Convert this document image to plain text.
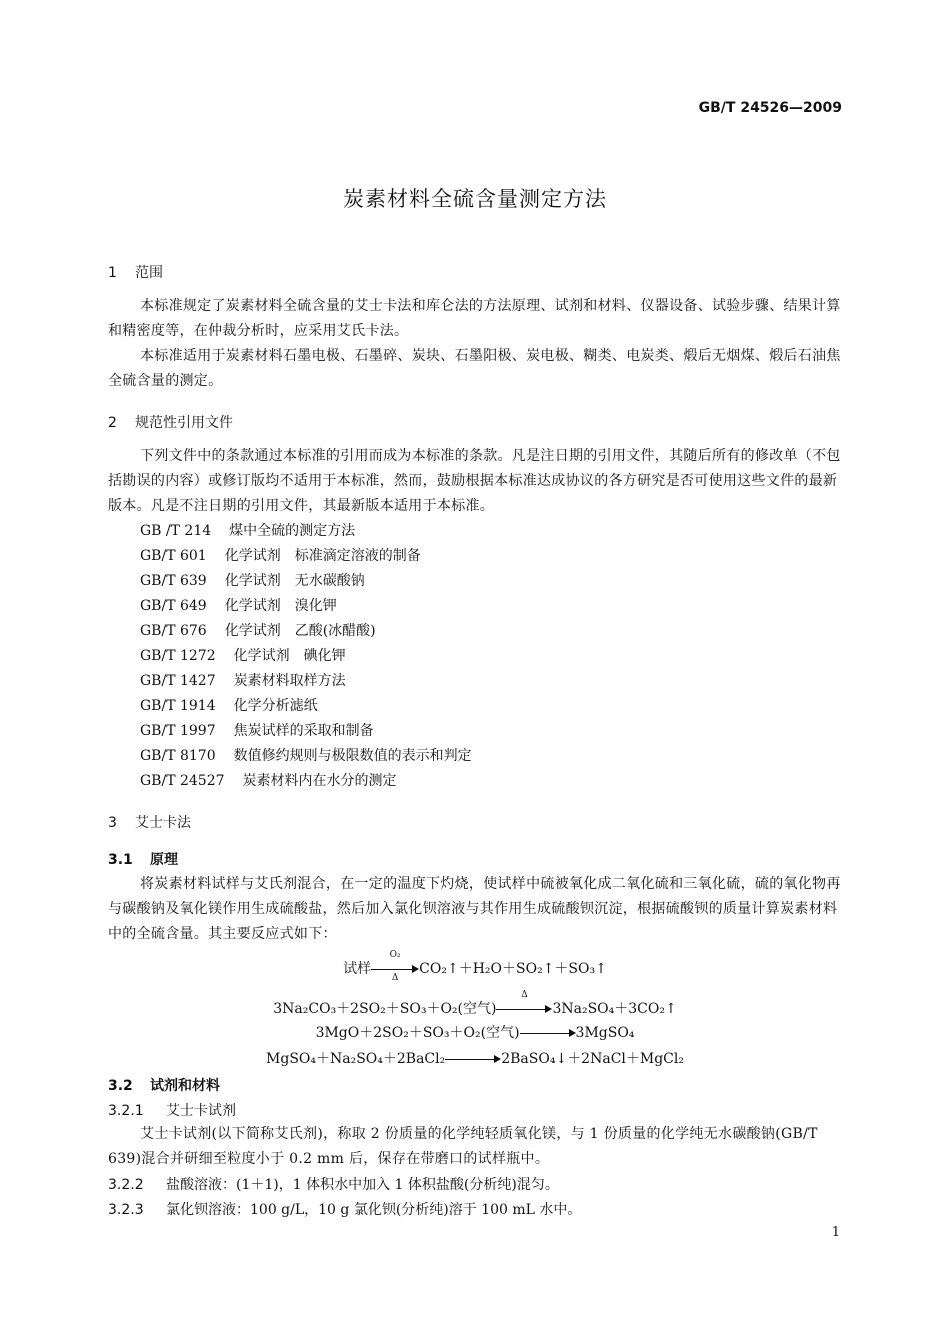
GB/T 24526—2009
炭素材料全硫含量测定方法
1 范围
本标准规定了炭素材料全硫含量的艾士卡法和库仑法的方法原理、试剂和材料、仪器设备、试验步骤、结果计算和精密度等，在仲裁分析时，应采用艾氏卡法。
本标准适用于炭素材料石墨电极、石墨碎、炭块、石墨阳极、炭电极、糊类、电炭类、煅后无烟煤、煅后石油焦全硫含量的测定。
2 规范性引用文件
下列文件中的条款通过本标准的引用而成为本标准的条款。凡是注日期的引用文件，其随后所有的修改单（不包括勘误的内容）或修订版均不适用于本标准，然而，鼓励根据本标准达成协议的各方研究是否可使用这些文件的最新版本。凡是不注日期的引用文件，其最新版本适用于本标准。
GB /T 214 煤中全硫的测定方法
GB/T 601 化学试剂　标准滴定溶液的制备
GB/T 639 化学试剂　无水碳酸钠
GB/T 649 化学试剂　溴化钾
GB/T 676 化学试剂　乙酸(冰醋酸)
GB/T 1272 化学试剂　碘化钾
GB/T 1427 炭素材料取样方法
GB/T 1914 化学分析滤纸
GB/T 1997 焦炭试样的采取和制备
GB/T 8170 数值修约规则与极限数值的表示和判定
GB/T 24527 炭素材料内在水分的测定
3 艾士卡法
3.1 原理
将炭素材料试样与艾氏剂混合，在一定的温度下灼烧，使试样中硫被氧化成二氧化硫和三氧化硫，硫的氧化物再与碳酸钠及氧化镁作用生成硫酸盐，然后加入氯化钡溶液与其作用生成硫酸钡沉淀，根据硫酸钡的质量计算炭素材料中的全硫含量。其主要反应式如下：
试样 $\frac{\text{O₂}}{\Delta}$ CO₂↑＋H₂O＋SO₂↑＋SO₃↑
3Na₂CO₃＋2SO₂＋SO₃＋O₂(空气)
Δ
3Na₂SO₄＋3CO₂↑
3MgO＋2SO₂＋SO₃＋O₂(空气)	3MgSO₄
MgSO₄＋Na₂SO₄＋2BaCl₂	2BaSO₄↓＋2NaCl＋MgCl₂
3.2 试剂和材料
3.2.1 艾士卡试剂
艾士卡试剂(以下简称艾氏剂)，称取 2 份质量的化学纯轻质氧化镁，与 1 份质量的化学纯无水碳酸钠(GB/T 639)混合并研细至粒度小于 0.2 mm 后，保存在带磨口的试样瓶中。
3.2.2 盐酸溶液：(1＋1)，1 体积水中加入 1 体积盐酸(分析纯)混匀。
3.2.3 氯化钡溶液：100 g/L，10 g 氯化钡(分析纯)溶于 100 mL 水中。
1
